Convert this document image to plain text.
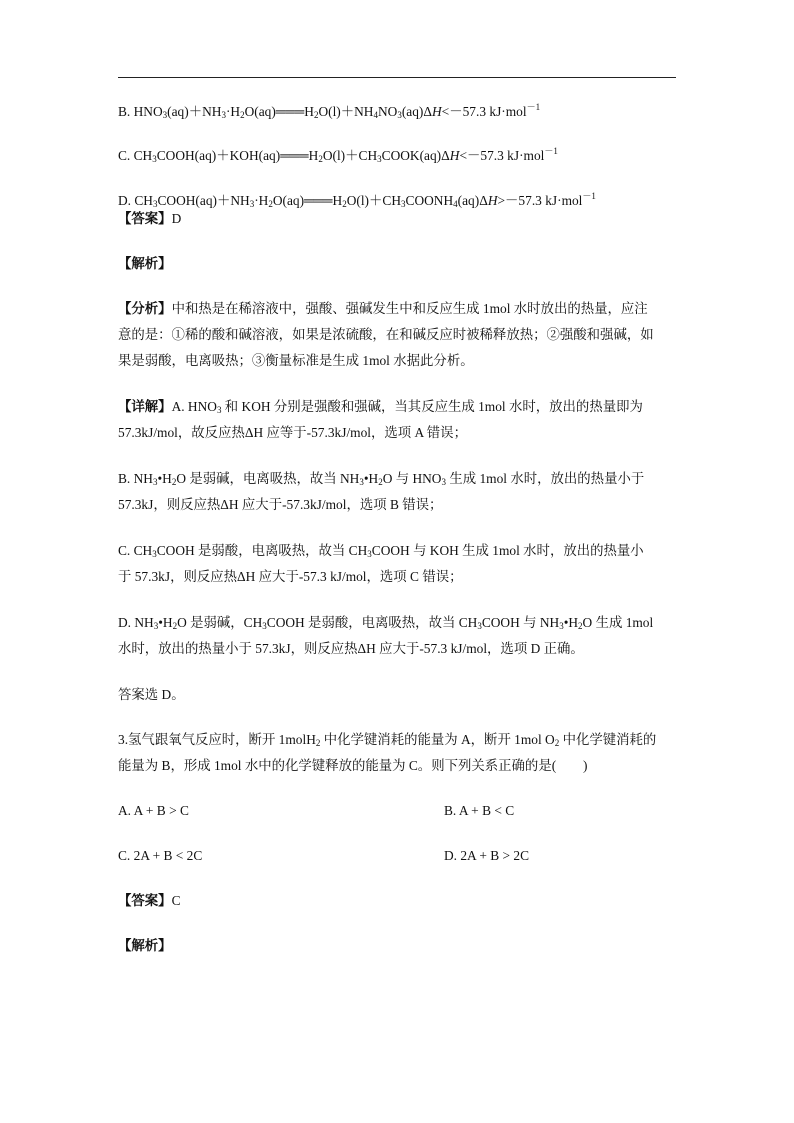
B. $HNO_3(aq)+NH_3\cdot H_2O(aq)═══H_2O(l)+NH_4NO_3(aq)\Delta H<-57.3$ kJ·mol$^{-1}$
C. $CH_3COOH(aq)+KOH(aq)═══H_2O(l)+CH_3COOK(aq)\Delta H<-57.3$ kJ·mol$^{-1}$
D. $CH_3COOH(aq)+NH_3\cdot H_2O(aq)═══H_2O(l)+CH_3COONH_4(aq)\Delta H>-57.3$ kJ·mol$^{-1}$
【答案】D
【解析】
【分析】中和热是在稀溶液中，强酸、强碱发生中和反应生成 1mol 水时放出的热量，应注
意的是：①稀的酸和碱溶液，如果是浓硫酸，在和碱反应时被稀释放热；②强酸和强碱，如
果是弱酸，电离吸热；③衡量标准是生成 1mol 水据此分析。
【详解】A. $HNO_3$ 和 KOH 分别是强酸和强碱，当其反应生成 1mol 水时，放出的热量即为
57.3kJ/mol，故反应热ΔH 应等于-57.3kJ/mol，选项 A 错误；
B. $NH_3•H_2O$ 是弱碱，电离吸热，故当 $NH_3•H_2O$ 与 $HNO_3$ 生成 1mol 水时，放出的热量小于
57.3kJ，则反应热ΔH 应大于-57.3kJ/mol，选项 B 错误；
C. $CH_3COOH$ 是弱酸，电离吸热，故当 $CH_3COOH$ 与 KOH 生成 1mol 水时，放出的热量小
于 57.3kJ，则反应热ΔH 应大于-57.3 kJ/mol，选项 C 错误；
D. $NH_3•H_2O$ 是弱碱，$CH_3COOH$ 是弱酸，电离吸热，故当 $CH_3COOH$ 与 $NH_3•H_2O$ 生成 1mol
水时，放出的热量小于 57.3kJ，则反应热ΔH 应大于-57.3 kJ/mol，选项 D 正确。
答案选 D。
3.氢气跟氧气反应时，断开 1molH$_2$ 中化学键消耗的能量为 A，断开 1mol $O_2$ 中化学键消耗的
能量为 B，形成 1mol 水中的化学键释放的能量为 C。则下列关系正确的是(　　)
A. A + B > C	B. A + B < C
C. 2A + B < 2C	D. 2A + B > 2C
【答案】C
【解析】
